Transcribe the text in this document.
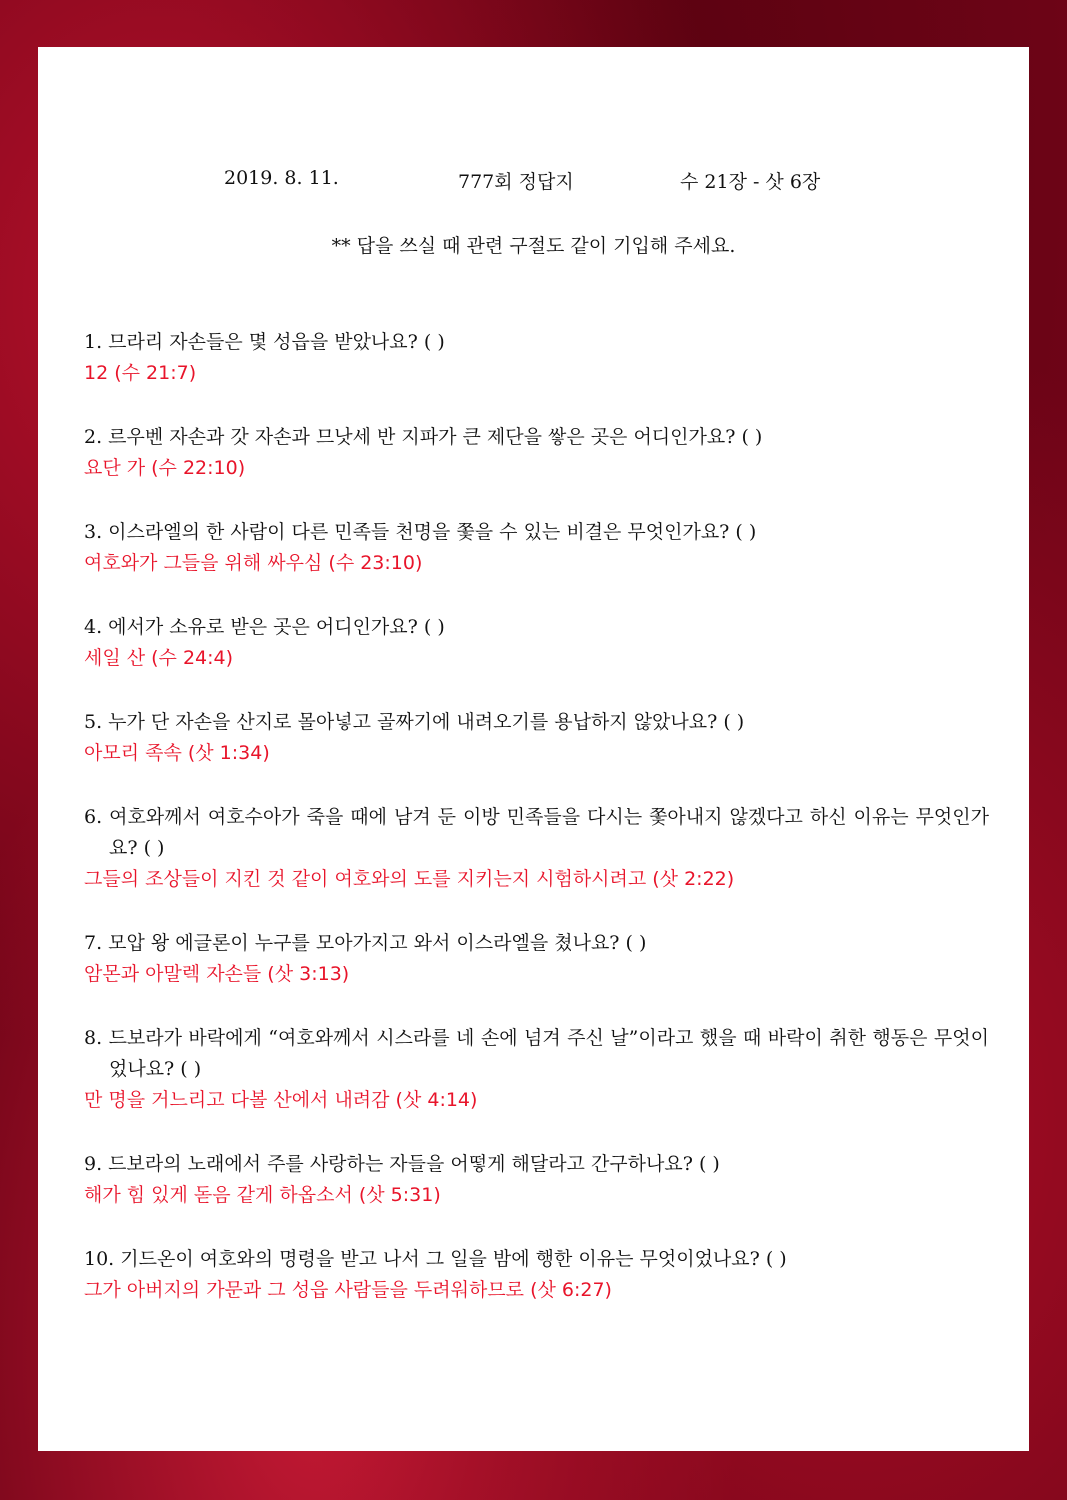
2019. 8. 11.	777회 정답지	수 21장 - 삿 6장
** 답을 쓰실 때 관련 구절도 같이 기입해 주세요.
1. 므라리 자손들은 몇 성읍을 받았나요? ( )
12 (수 21:7)
2. 르우벤 자손과 갓 자손과 므낫세 반 지파가 큰 제단을 쌓은 곳은 어디인가요? ( )
요단 가 (수 22:10)
3. 이스라엘의 한 사람이 다른 민족들 천명을 쫓을 수 있는 비결은 무엇인가요? ( )
여호와가 그들을 위해 싸우심 (수 23:10)
4. 에서가 소유로 받은 곳은 어디인가요? ( )
세일 산 (수 24:4)
5. 누가 단 자손을 산지로 몰아넣고 골짜기에 내려오기를 용납하지 않았나요? ( )
아모리 족속 (삿 1:34)
6. 여호와께서 여호수아가 죽을 때에 남겨 둔 이방 민족들을 다시는 쫓아내지 않겠다고 하신 이유는 무엇인가요? ( )
그들의 조상들이 지킨 것 같이 여호와의 도를 지키는지 시험하시려고 (삿 2:22)
7. 모압 왕 에글론이 누구를 모아가지고 와서 이스라엘을 쳤나요? ( )
암몬과 아말렉 자손들 (삿 3:13)
8. 드보라가 바락에게 “여호와께서 시스라를 네 손에 넘겨 주신 날”이라고 했을 때 바락이 취한 행동은 무엇이었나요? ( )
만 명을 거느리고 다볼 산에서 내려감 (삿 4:14)
9. 드보라의 노래에서 주를 사랑하는 자들을 어떻게 해달라고 간구하나요? ( )
해가 힘 있게 돋음 같게 하옵소서 (삿 5:31)
10. 기드온이 여호와의 명령을 받고 나서 그 일을 밤에 행한 이유는 무엇이었나요? ( )
그가 아버지의 가문과 그 성읍 사람들을 두려워하므로 (삿 6:27)
